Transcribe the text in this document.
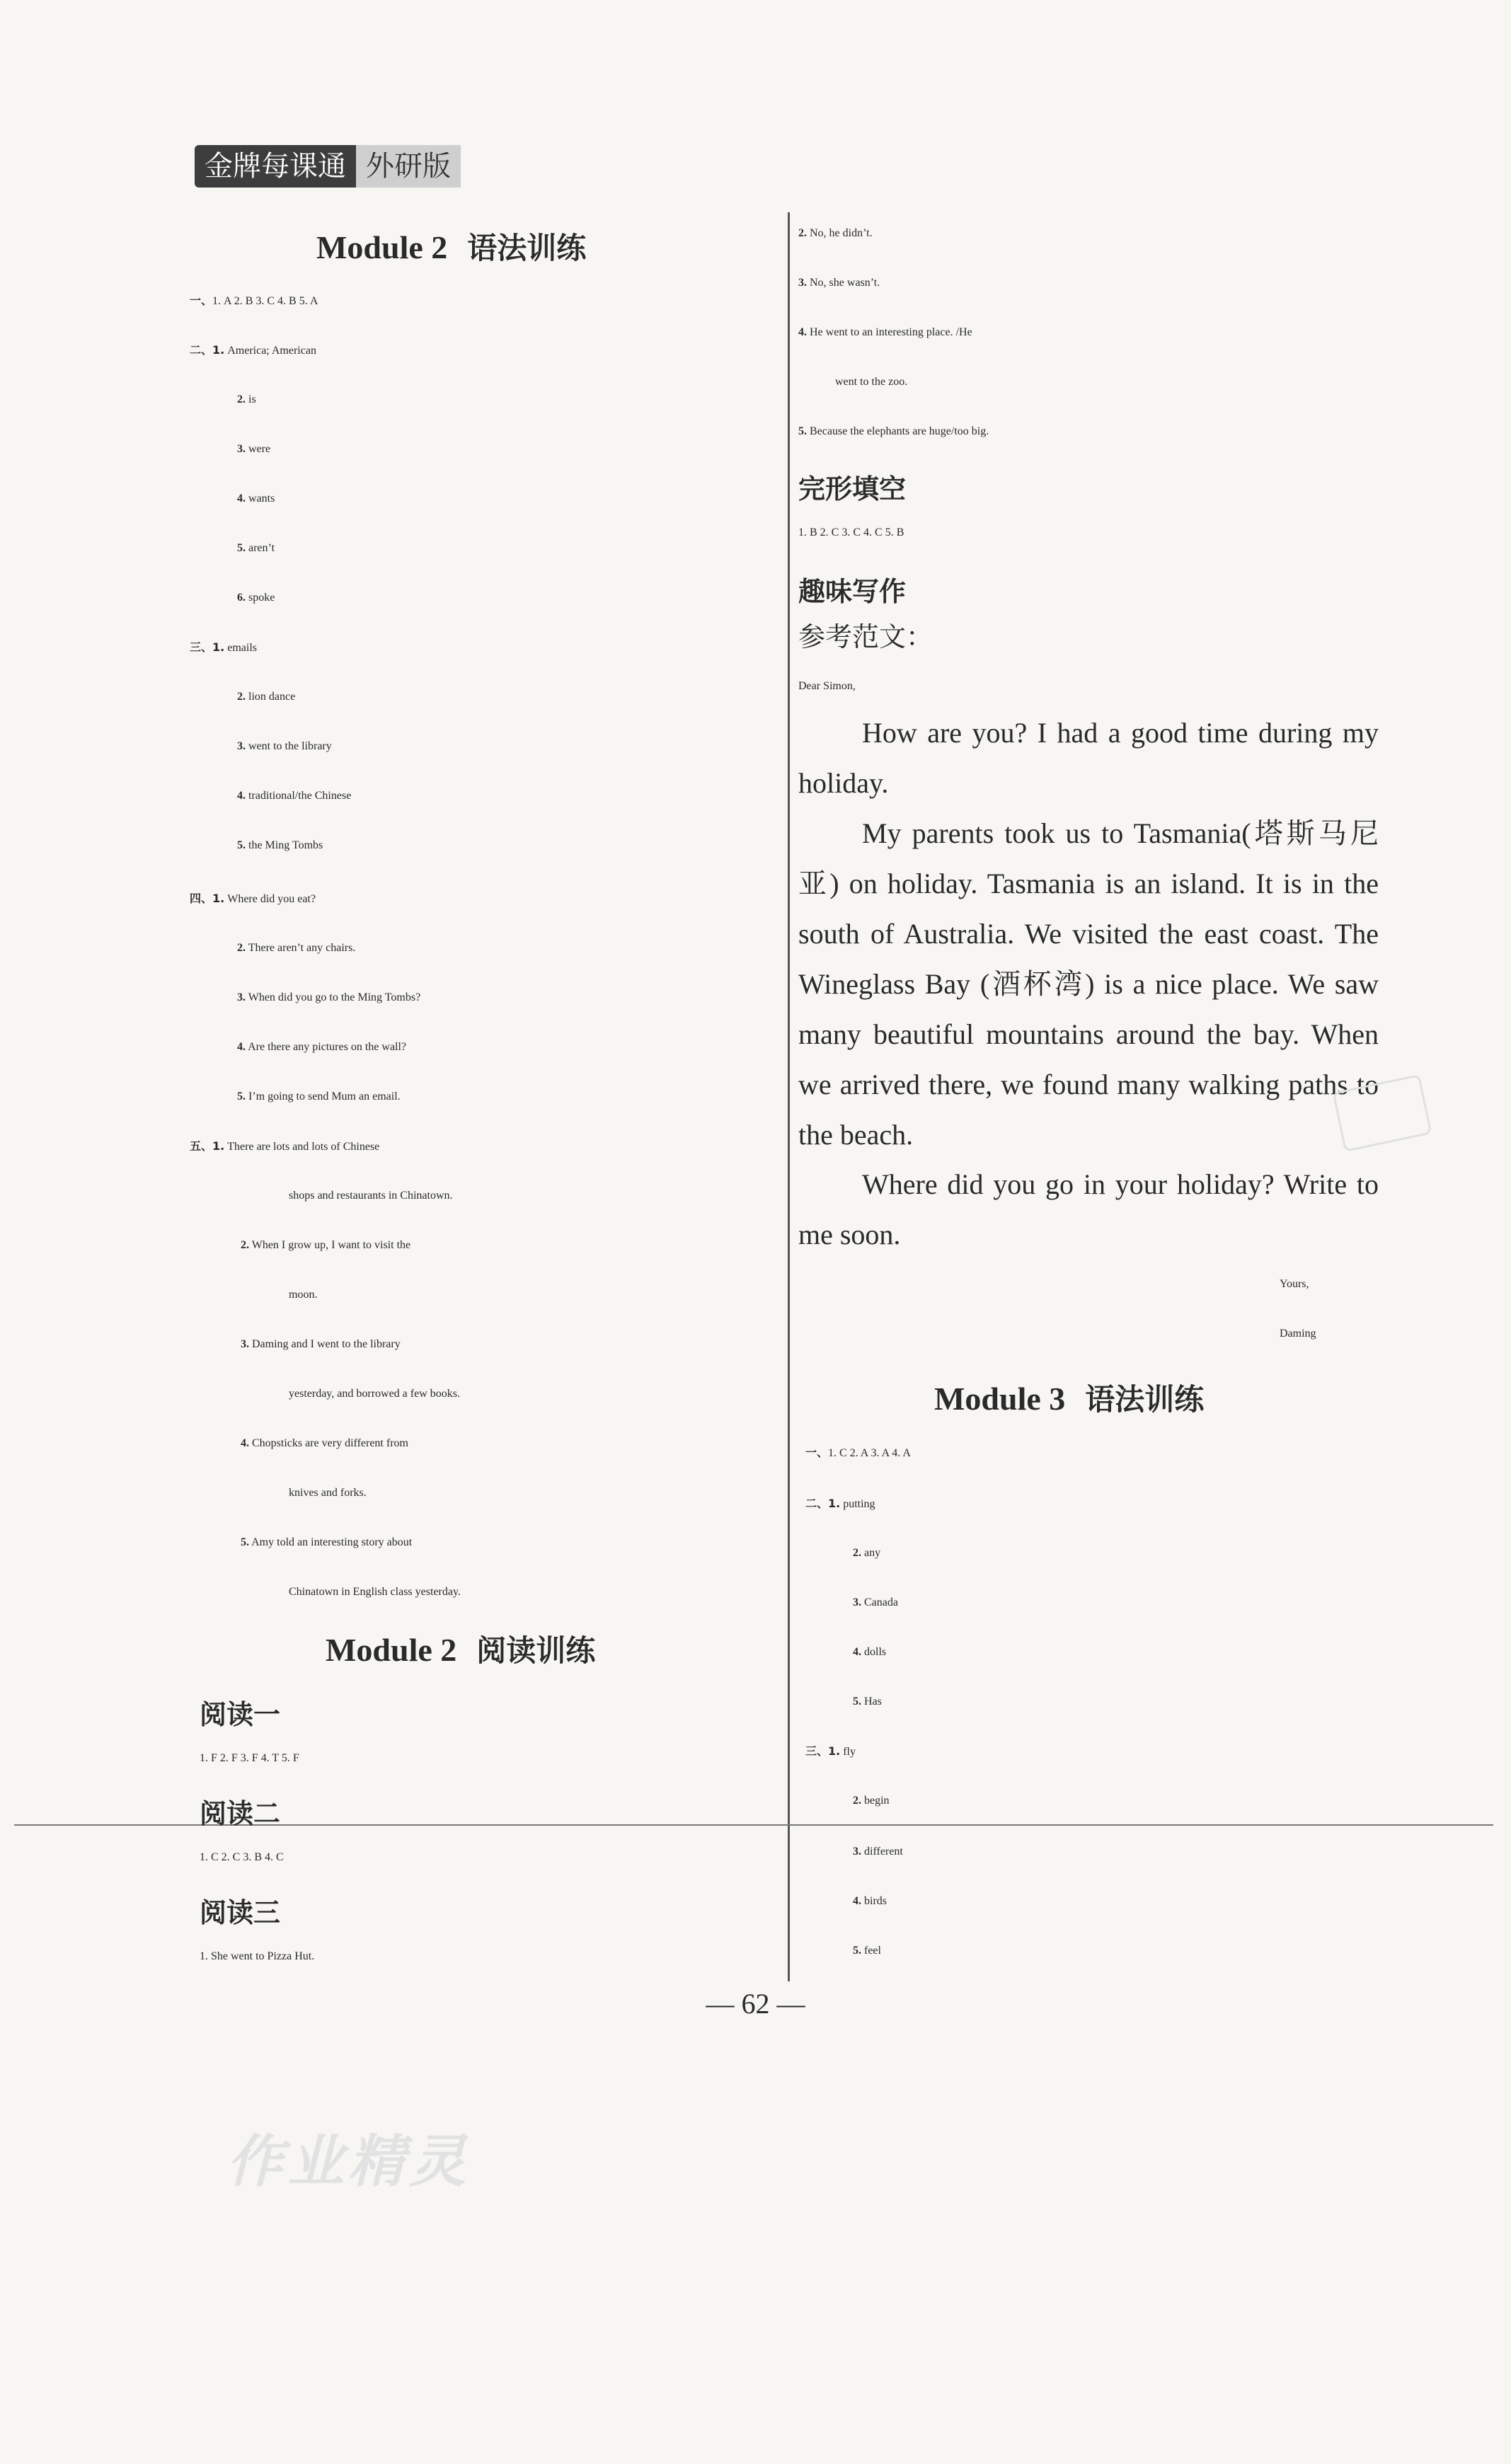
金牌每课通 外研版
Module 2 语法训练
一、1. A 2. B 3. C 4. B 5. A
二、1. America; American
2. is
3. were
4. wants
5. aren’t
6. spoke
三、1. emails
2. lion dance
3. went to the library
4. traditional/the Chinese
5. the Ming Tombs
四、1. Where did you eat?
2. There aren’t any chairs.
3. When did you go to the Ming Tombs?
4. Are there any pictures on the wall?
5. I’m going to send Mum an email.
五、1. There are lots and lots of Chinese
shops and restaurants in Chinatown.
2. When I grow up, I want to visit the
moon.
3. Daming and I went to the library
yesterday, and borrowed a few books.
4. Chopsticks are very different from
knives and forks.
5. Amy told an interesting story about
Chinatown in English class yesterday.
Module 2 阅读训练
阅读一
1. F 2. F 3. F 4. T 5. F
阅读二
1. C 2. C 3. B 4. C
阅读三
1. She went to Pizza Hut.
2. No, he didn’t.
3. No, she wasn’t.
4. He went to an interesting place. /He
went to the zoo.
5. Because the elephants are huge/too big.
完形填空
1. B 2. C 3. C 4. C 5. B
趣味写作
参考范文：
Dear Simon,
How are you? I had a good time during my holiday.
My parents took us to Tasmania(塔斯马尼亚) on holiday. Tasmania is an island. It is in the south of Australia. We visited the east coast. The Wineglass Bay (酒杯湾) is a nice place. We saw many beautiful mountains around the bay. When we arrived there, we found many walking paths to the beach.
Where did you go in your holiday? Write to me soon.
Yours,
Daming
Module 3 语法训练
一、1. C 2. A 3. A 4. A
二、1. putting
2. any
3. Canada
4. dolls
5. Has
三、1. fly
2. begin
3. different
4. birds
5. feel
— 62 —
作业精灵
